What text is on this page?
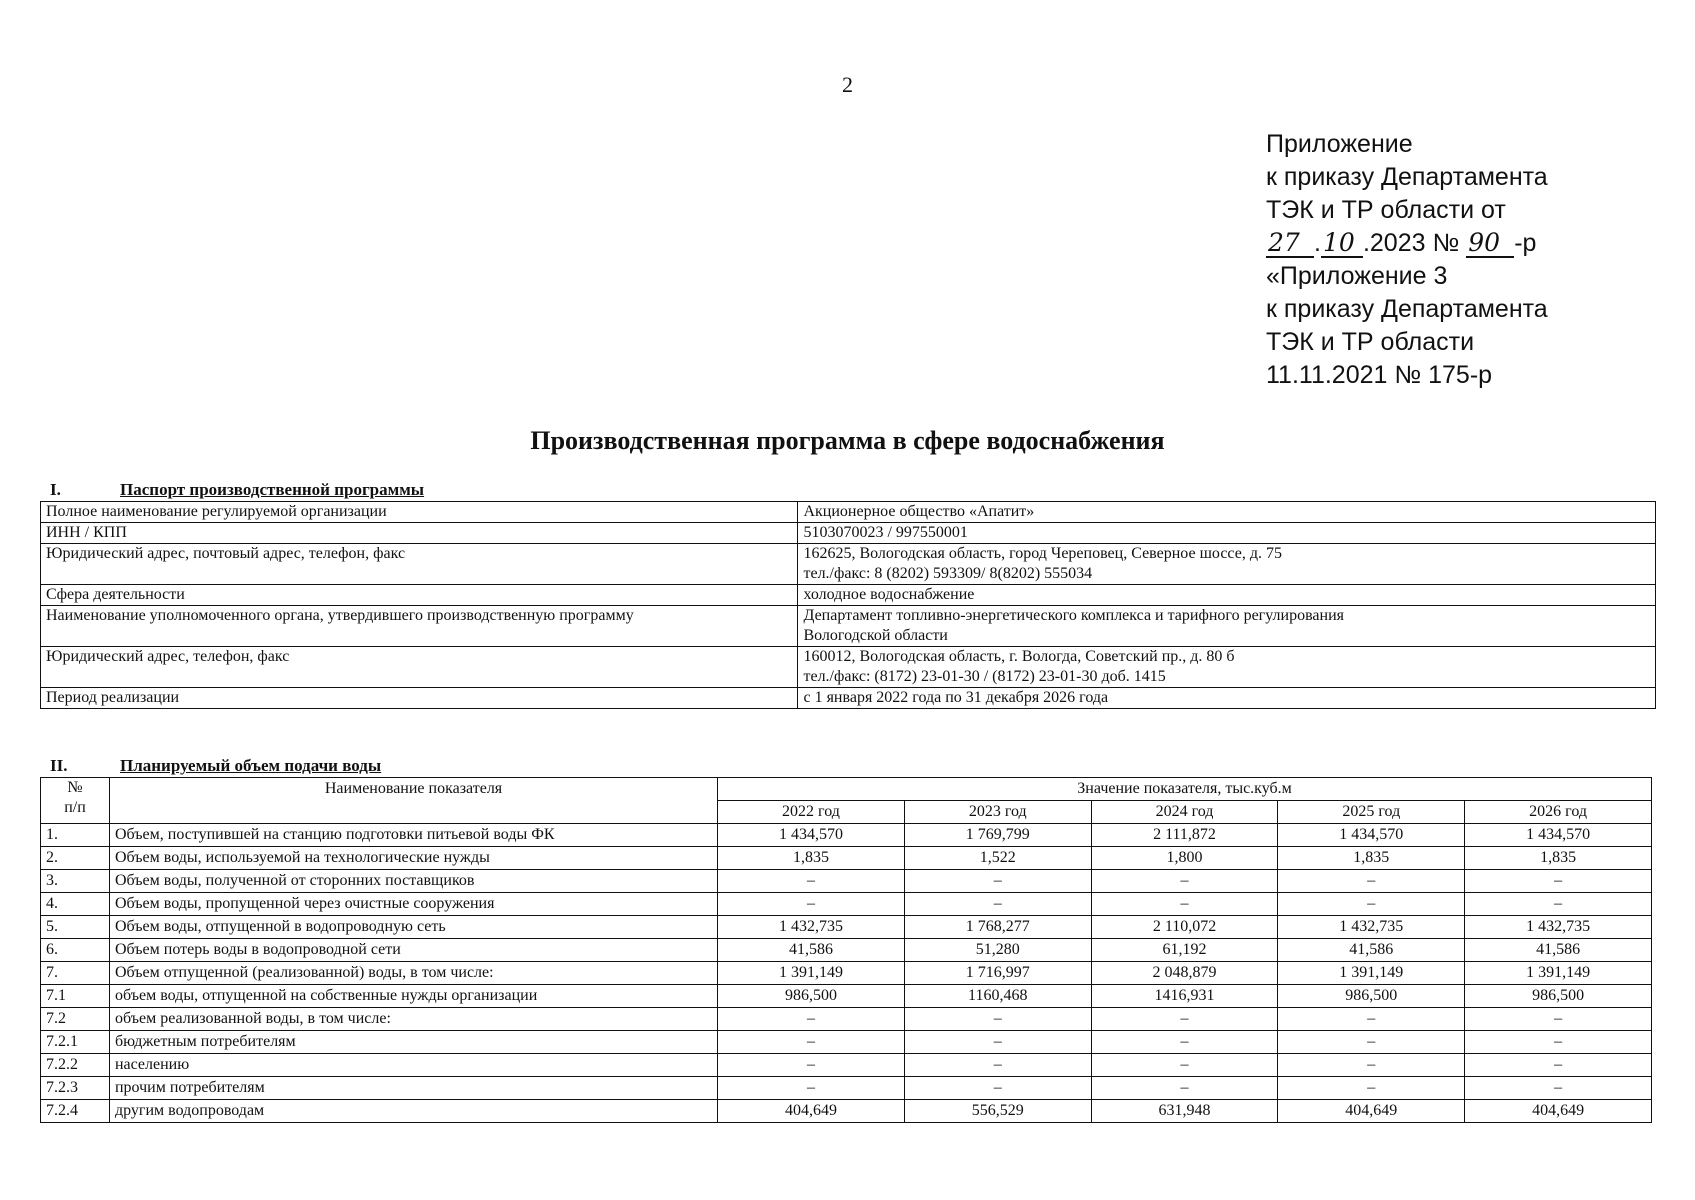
2
Приложение
к приказу Департамента
ТЭК и ТР области от
27 .10 .2023 № 90 -р
«Приложение 3
к приказу Департамента
ТЭК и ТР области
11.11.2021 № 175-р
Производственная программа в сфере водоснабжения
I.	Паспорт производственной программы
Полное наименование регулируемой организации	Акционерное общество «Апатит»

ИНН / КПП	5103070023 / 997550001

Юридический адрес, почтовый адрес, телефон, факс	162625, Вологодская область, город Череповец, Северное шоссе, д. 75
тел./факс: 8 (8202) 593309/ 8(8202) 555034

Сфера деятельности	холодное водоснабжение

Наименование уполномоченного органа, утвердившего производственную программу	Департамент топливно-энергетического комплекса и тарифного регулирования
Вологодской области

Юридический адрес, телефон, факс	160012, Вологодская область, г. Вологда, Советский пр., д. 80 б
тел./факс: (8172) 23-01-30 / (8172) 23-01-30 доб. 1415

Период реализации	с 1 января 2022 года по 31 декабря 2026 года
II.	Планируемый объем подачи воды
№
п/п	Наименование показателя	Значение показателя, тыс.куб.м				
		2022 год	2023 год	2024 год	2025 год	2026 год
1.	Объем, поступившей на станцию подготовки питьевой воды ФК	1 434,570	1 769,799	2 111,872	1 434,570	1 434,570
2.	Объем воды, используемой на технологические нужды	1,835	1,522	1,800	1,835	1,835
3.	Объем воды, полученной от сторонних поставщиков	–	–	–	–	–
4.	Объем воды, пропущенной через очистные сооружения	–	–	–	–	–
5.	Объем воды, отпущенной в водопроводную сеть	1 432,735	1 768,277	2 110,072	1 432,735	1 432,735
6.	Объем потерь воды в водопроводной сети	41,586	51,280	61,192	41,586	41,586
7.	Объем отпущенной (реализованной) воды, в том числе:	1 391,149	1 716,997	2 048,879	1 391,149	1 391,149
7.1	объем воды, отпущенной на собственные нужды организации	986,500	1160,468	1416,931	986,500	986,500
7.2	объем реализованной воды, в том числе:	–	–	–	–	–
7.2.1	бюджетным потребителям	–	–	–	–	–
7.2.2	населению	–	–	–	–	–
7.2.3	прочим потребителям	–	–	–	–	–
7.2.4	другим водопроводам	404,649	556,529	631,948	404,649	404,649
